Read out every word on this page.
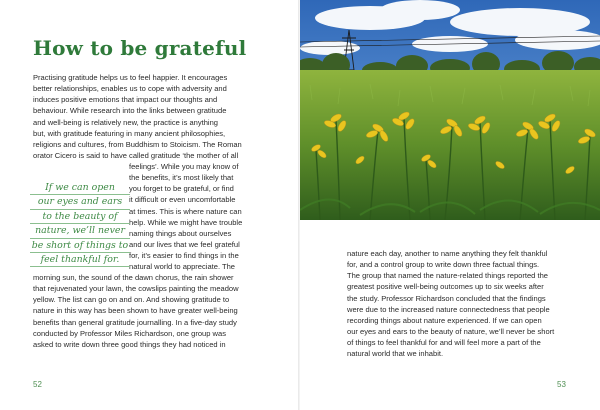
How to be grateful
Practising gratitude helps us to feel happier. It encourages
better relationships, enables us to cope with adversity and
induces positive emotions that impact our thoughts and
behaviour. While research into the links between gratitude
and well-being is relatively new, the practice is anything
but, with gratitude featuring in many ancient philosophies,
religions and cultures, from Buddhism to Stoicism. The Roman
orator Cicero is said to have called gratitude ‘the mother of all
feelings’. While you may know of
the benefits, it’s most likely that
you forget to be grateful, or find
it difficult or even uncomfortable
at times. This is where nature can
help. While we might have trouble
naming things about ourselves
and our lives that we feel grateful
for, it’s easier to find things in the
natural world to appreciate. The
If we can open
our eyes and ears
to the beauty of
nature, we’ll never
be short of things to
feel thankful for.
morning sun, the sound of the dawn chorus, the rain shower
that rejuvenated your lawn, the cowslips painting the meadow
yellow. The list can go on and on. And showing gratitude to
nature in this way has been shown to have greater well-being
benefits than general gratitude journalling. In a five-day study
conducted by Professor Miles Richardson, one group was
asked to write down three good things they had noticed in
52
nature each day, another to name anything they felt thankful
for, and a control group to write down three factual things.
The group that named the nature-related things reported the
greatest positive well-being outcomes up to six weeks after
the study. Professor Richardson concluded that the findings
were due to the increased nature connectedness that people
recording things about nature experienced. If we can open
our eyes and ears to the beauty of nature, we’ll never be short
of things to feel thankful for and will feel more a part of the
natural world that we inhabit.
53
